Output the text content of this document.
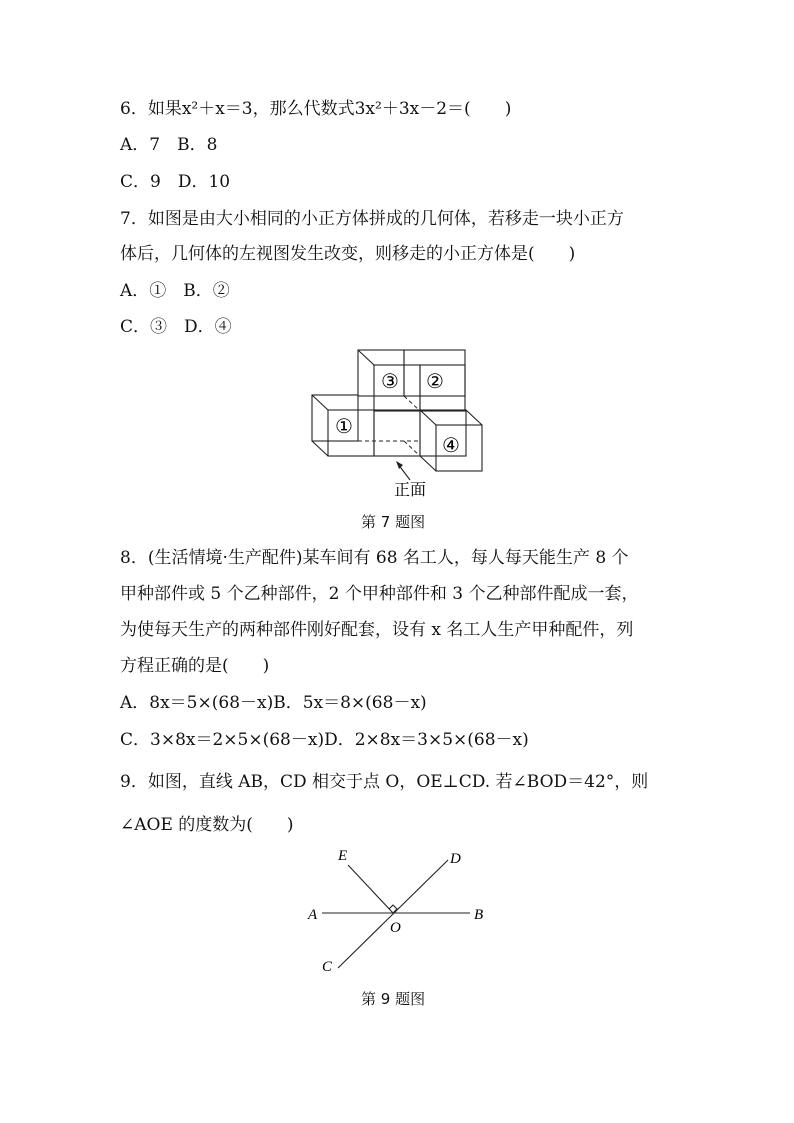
6．如果x²＋x＝3，那么代数式3x²＋3x－2＝(　　)
A．7　B．8
C．9　D．10
7．如图是由大小相同的小正方体拼成的几何体，若移走一块小正方
体后，几何体的左视图发生改变，则移走的小正方体是(　　)
A．①　B．②
C．③　D．④
③ ②
①
④
正面
第 7 题图
8．(生活情境·生产配件)某车间有 68 名工人，每人每天能生产 8 个
甲种部件或 5 个乙种部件，2 个甲种部件和 3 个乙种部件配成一套，
为使每天生产的两种部件刚好配套，设有 x 名工人生产甲种配件，列
方程正确的是(　　)
A．8x＝5×(68－x)B．5x＝8×(68－x)
C．3×8x＝2×5×(68－x)D．2×8x＝3×5×(68－x)
9．如图，直线 AB，CD 相交于点 O，OE⊥CD. 若∠BOD＝42°，则
∠AOE 的度数为(　　)
A	B
C
D
E
O
第 9 题图
